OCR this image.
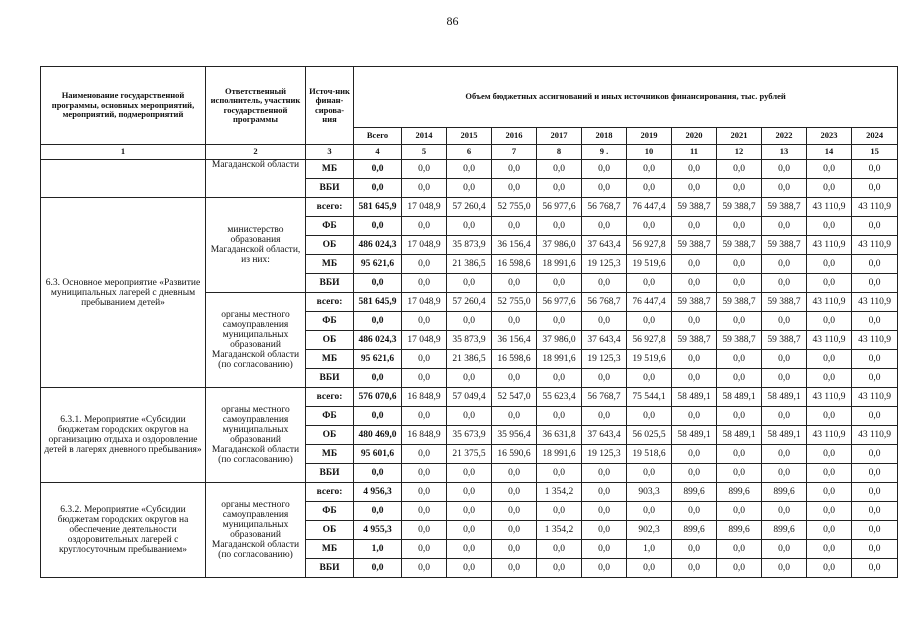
86
Наименование государственной программы, основных мероприятий, мероприятий, подмероприятий	Ответственный исполнитель, участник государственной программы	Источ-ник финан-сирова-ния	Объем бюджетных ассигнований и иных источников финансирования, тыс. рублей											
			Всего	2014	2015	2016	2017	2018	2019	2020	2021	2022	2023	2024
1	2	3	4	5	6	7	8	9 .	10	11	12	13	14	15
	Магаданской области	МБ	0,0	0,0	0,0	0,0	0,0	0,0	0,0	0,0	0,0	0,0	0,0	0,0
		ВБИ	0,0	0,0	0,0	0,0	0,0	0,0	0,0	0,0	0,0	0,0	0,0	0,0
6.3. Основное мероприятие «Развитие муниципальных лагерей с дневным пребыванием детей»	министерство образования Магаданской области, из них:	всего:	581 645,9	17 048,9	57 260,4	52 755,0	56 977,6	56 768,7	76 447,4	59 388,7	59 388,7	59 388,7	43 110,9	43 110,9
		ФБ	0,0	0,0	0,0	0,0	0,0	0,0	0,0	0,0	0,0	0,0	0,0	0,0
		ОБ	486 024,3	17 048,9	35 873,9	36 156,4	37 986,0	37 643,4	56 927,8	59 388,7	59 388,7	59 388,7	43 110,9	43 110,9
		МБ	95 621,6	0,0	21 386,5	16 598,6	18 991,6	19 125,3	19 519,6	0,0	0,0	0,0	0,0	0,0
		ВБИ	0,0	0,0	0,0	0,0	0,0	0,0	0,0	0,0	0,0	0,0	0,0	0,0
	органы местного самоуправления муниципальных образований Магаданской области (по согласованию)	всего:	581 645,9	17 048,9	57 260,4	52 755,0	56 977,6	56 768,7	76 447,4	59 388,7	59 388,7	59 388,7	43 110,9	43 110,9
		ФБ	0,0	0,0	0,0	0,0	0,0	0,0	0,0	0,0	0,0	0,0	0,0	0,0
		ОБ	486 024,3	17 048,9	35 873,9	36 156,4	37 986,0	37 643,4	56 927,8	59 388,7	59 388,7	59 388,7	43 110,9	43 110,9
		МБ	95 621,6	0,0	21 386,5	16 598,6	18 991,6	19 125,3	19 519,6	0,0	0,0	0,0	0,0	0,0
		ВБИ	0,0	0,0	0,0	0,0	0,0	0,0	0,0	0,0	0,0	0,0	0,0	0,0
6.3.1. Мероприятие «Субсидии бюджетам городских округов на организацию отдыха и оздоровление детей в лагерях дневного пребывания»	органы местного самоуправления муниципальных образований Магаданской области (по согласованию)	всего:	576 070,6	16 848,9	57 049,4	52 547,0	55 623,4	56 768,7	75 544,1	58 489,1	58 489,1	58 489,1	43 110,9	43 110,9
		ФБ	0,0	0,0	0,0	0,0	0,0	0,0	0,0	0,0	0,0	0,0	0,0	0,0
		ОБ	480 469,0	16 848,9	35 673,9	35 956,4	36 631,8	37 643,4	56 025,5	58 489,1	58 489,1	58 489,1	43 110,9	43 110,9
		МБ	95 601,6	0,0	21 375,5	16 590,6	18 991,6	19 125,3	19 518,6	0,0	0,0	0,0	0,0	0,0
		ВБИ	0,0	0,0	0,0	0,0	0,0	0,0	0,0	0,0	0,0	0,0	0,0	0,0
6.3.2. Мероприятие «Субсидии бюджетам городских округов на обеспечение деятельности оздоровительных лагерей с круглосуточным пребыванием»	органы местного самоуправления муниципальных образований Магаданской области (по согласованию)	всего:	4 956,3	0,0	0,0	0,0	1 354,2	0,0	903,3	899,6	899,6	899,6	0,0	0,0
		ФБ	0,0	0,0	0,0	0,0	0,0	0,0	0,0	0,0	0,0	0,0	0,0	0,0
		ОБ	4 955,3	0,0	0,0	0,0	1 354,2	0,0	902,3	899,6	899,6	899,6	0,0	0,0
		МБ	1,0	0,0	0,0	0,0	0,0	0,0	1,0	0,0	0,0	0,0	0,0	0,0
		ВБИ	0,0	0,0	0,0	0,0	0,0	0,0	0,0	0,0	0,0	0,0	0,0	0,0
